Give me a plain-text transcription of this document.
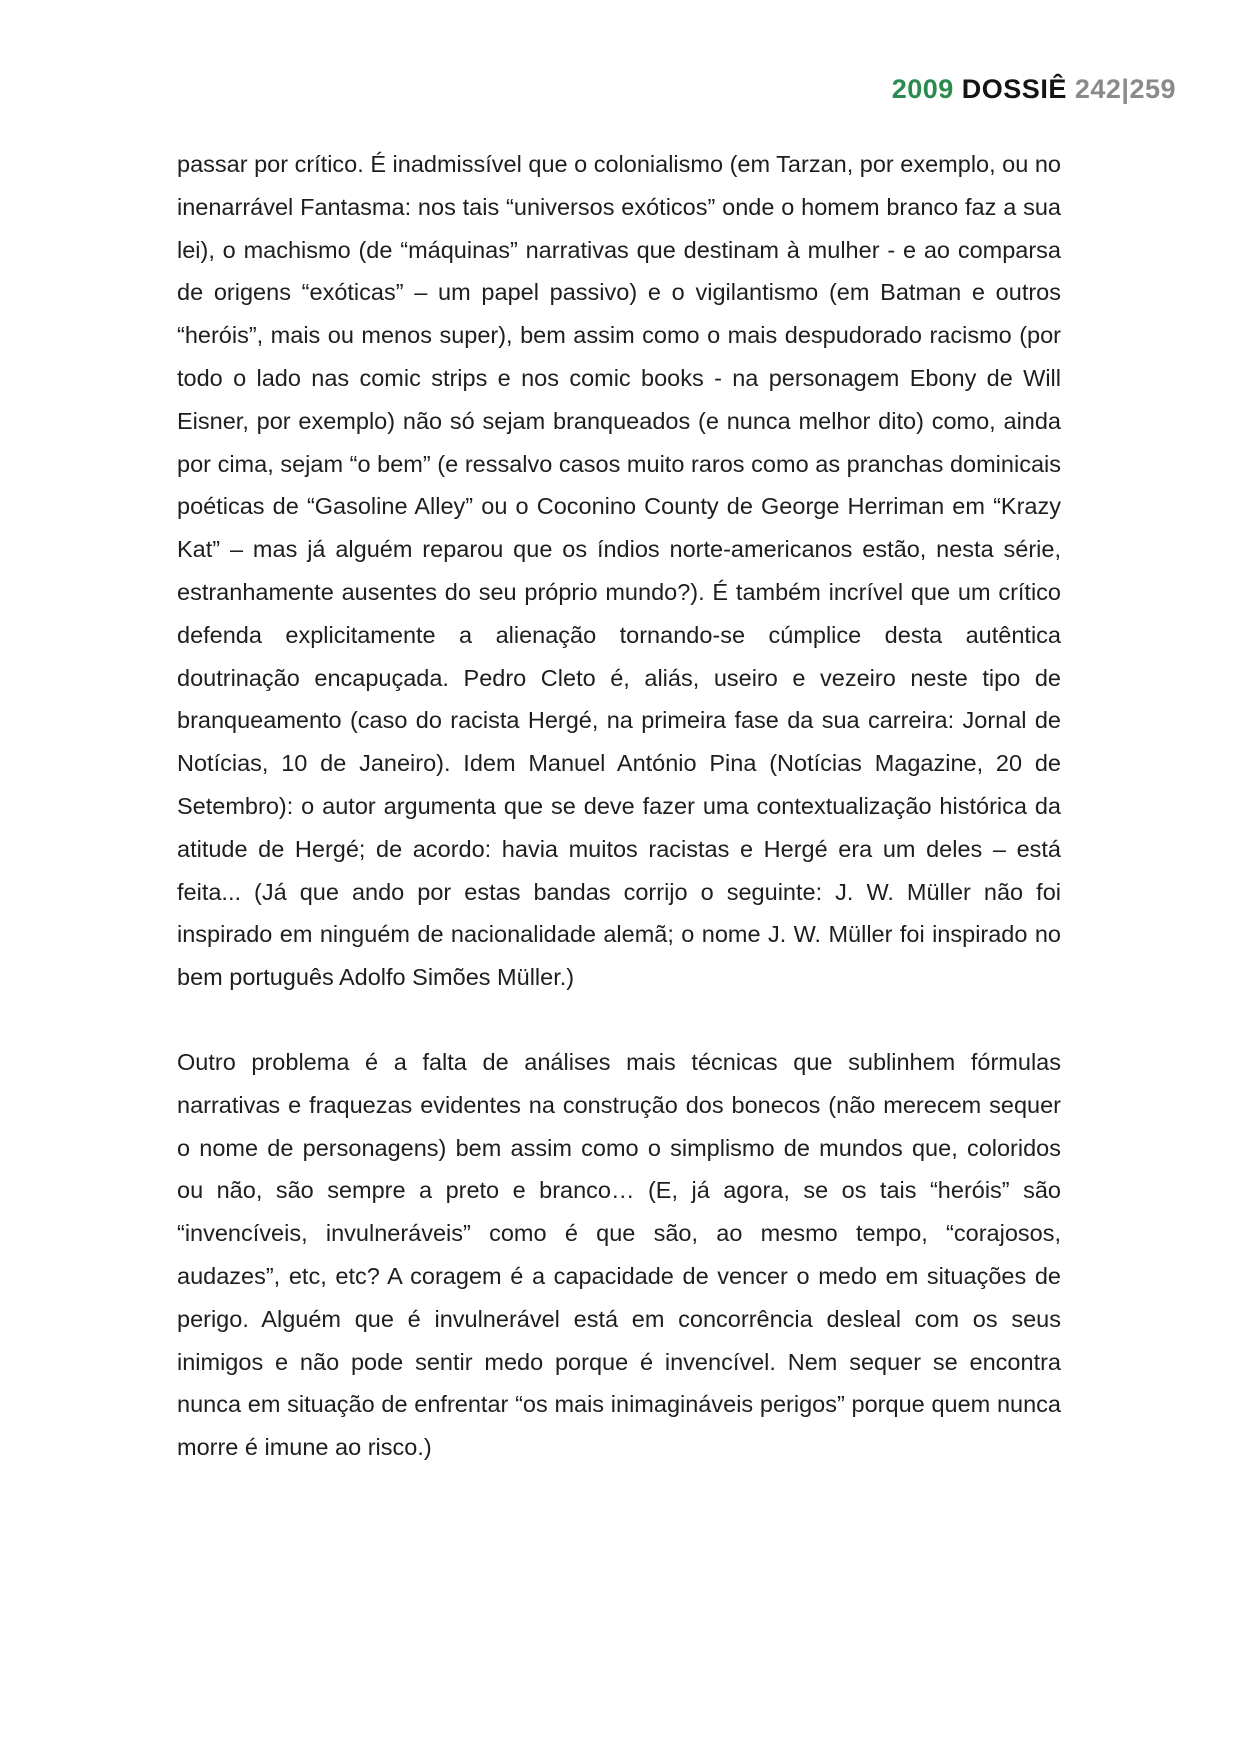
2009 DOSSIÊ 242|259

passar por crítico. É inadmissível que o colonialismo (em Tarzan, por exemplo, ou no inenarrável Fantasma: nos tais “universos exóticos” onde o homem branco faz a sua lei), o machismo (de “máquinas” narrativas que destinam à mulher - e ao comparsa de origens “exóticas” – um papel passivo) e o vigilantismo (em Batman e outros “heróis”, mais ou menos super), bem assim como o mais despudorado racismo (por todo o lado nas comic strips e nos comic books - na personagem Ebony de Will Eisner, por exemplo) não só sejam branqueados (e nunca melhor dito) como, ainda por cima, sejam “o bem” (e ressalvo casos muito raros como as pranchas dominicais poéticas de “Gasoline Alley” ou o Coconino County de George Herriman em “Krazy Kat” – mas já alguém reparou que os índios norte-americanos estão, nesta série, estranhamente ausentes do seu próprio mundo?). É também incrível que um crítico defenda explicitamente a alienação tornando-se cúmplice desta autêntica doutrinação encapuçada. Pedro Cleto é, aliás, useiro e vezeiro neste tipo de branqueamento (caso do racista Hergé, na primeira fase da sua carreira: Jornal de Notícias, 10 de Janeiro). Idem Manuel António Pina (Notícias Magazine, 20 de Setembro): o autor argumenta que se deve fazer uma contextualização histórica da atitude de Hergé; de acordo: havia muitos racistas e Hergé era um deles – está feita... (Já que ando por estas bandas corrijo o seguinte: J. W. Müller não foi inspirado em ninguém de nacionalidade alemã; o nome J. W. Müller foi inspirado no bem português Adolfo Simões Müller.)

Outro problema é a falta de análises mais técnicas que sublinhem fórmulas narrativas e fraquezas evidentes na construção dos bonecos (não merecem sequer o nome de personagens) bem assim como o simplismo de mundos que, coloridos ou não, são sempre a preto e branco… (E, já agora, se os tais “heróis” são “invencíveis, invulneráveis” como é que são, ao mesmo tempo, “corajosos, audazes”, etc, etc? A coragem é a capacidade de vencer o medo em situações de perigo. Alguém que é invulnerável está em concorrência desleal com os seus inimigos e não pode sentir medo porque é invencível. Nem sequer se encontra nunca em situação de enfrentar “os mais inimagináveis perigos” porque quem nunca morre é imune ao risco.)
